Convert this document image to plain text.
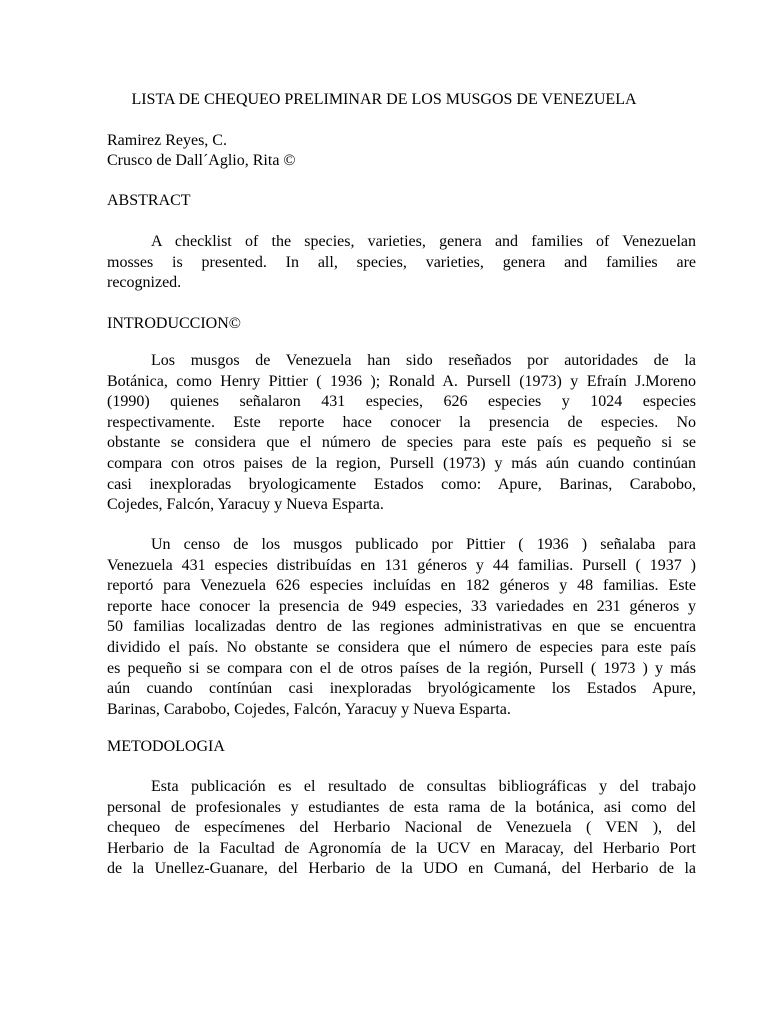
LISTA DE CHEQUEO PRELIMINAR DE LOS MUSGOS DE VENEZUELA
Ramirez Reyes, C.
Crusco de Dall´Aglio, Rita ©
ABSTRACT
A checklist of the species, varieties, genera and families of Venezuelan
mosses is presented. In all, species, varieties, genera and families are
recognized.
INTRODUCCION©
Los musgos de Venezuela han sido reseñados por autoridades de la
Botánica, como Henry Pittier ( 1936 ); Ronald A. Pursell (1973) y Efraín J.Moreno
(1990) quienes señalaron 431 especies, 626 especies y 1024 especies
respectivamente. Este reporte hace conocer la presencia de especies. No
obstante se considera que el número de species para este país es pequeño si se
compara con otros paises de la region, Pursell (1973) y más aún cuando continúan
casi inexploradas bryologicamente Estados como: Apure, Barinas, Carabobo,
Cojedes, Falcón, Yaracuy y Nueva Esparta.
Un censo de los musgos publicado por Pittier ( 1936 ) señalaba para
Venezuela 431 especies distribuídas en 131 géneros y 44 familias. Pursell ( 1937 )
reportó para Venezuela 626 especies incluídas en 182 géneros y 48 familias. Este
reporte hace conocer la presencia de 949 especies, 33 variedades en 231 géneros y
50 familias localizadas dentro de las regiones administrativas en que se encuentra
dividido el país. No obstante se considera que el número de especies para este país
es pequeño si se compara con el de otros países de la región, Pursell ( 1973 ) y más
aún cuando contínúan casi inexploradas bryológicamente los Estados Apure,
Barinas, Carabobo, Cojedes, Falcón, Yaracuy y Nueva Esparta.
METODOLOGIA
Esta publicación es el resultado de consultas bibliográficas y del trabajo
personal de profesionales y estudiantes de esta rama de la botánica, asi como del
chequeo de especímenes del Herbario Nacional de Venezuela ( VEN ), del
Herbario de la Facultad de Agronomía de la UCV en Maracay, del Herbario Port
de la Unellez-Guanare, del Herbario de la UDO en Cumaná, del Herbario de la
